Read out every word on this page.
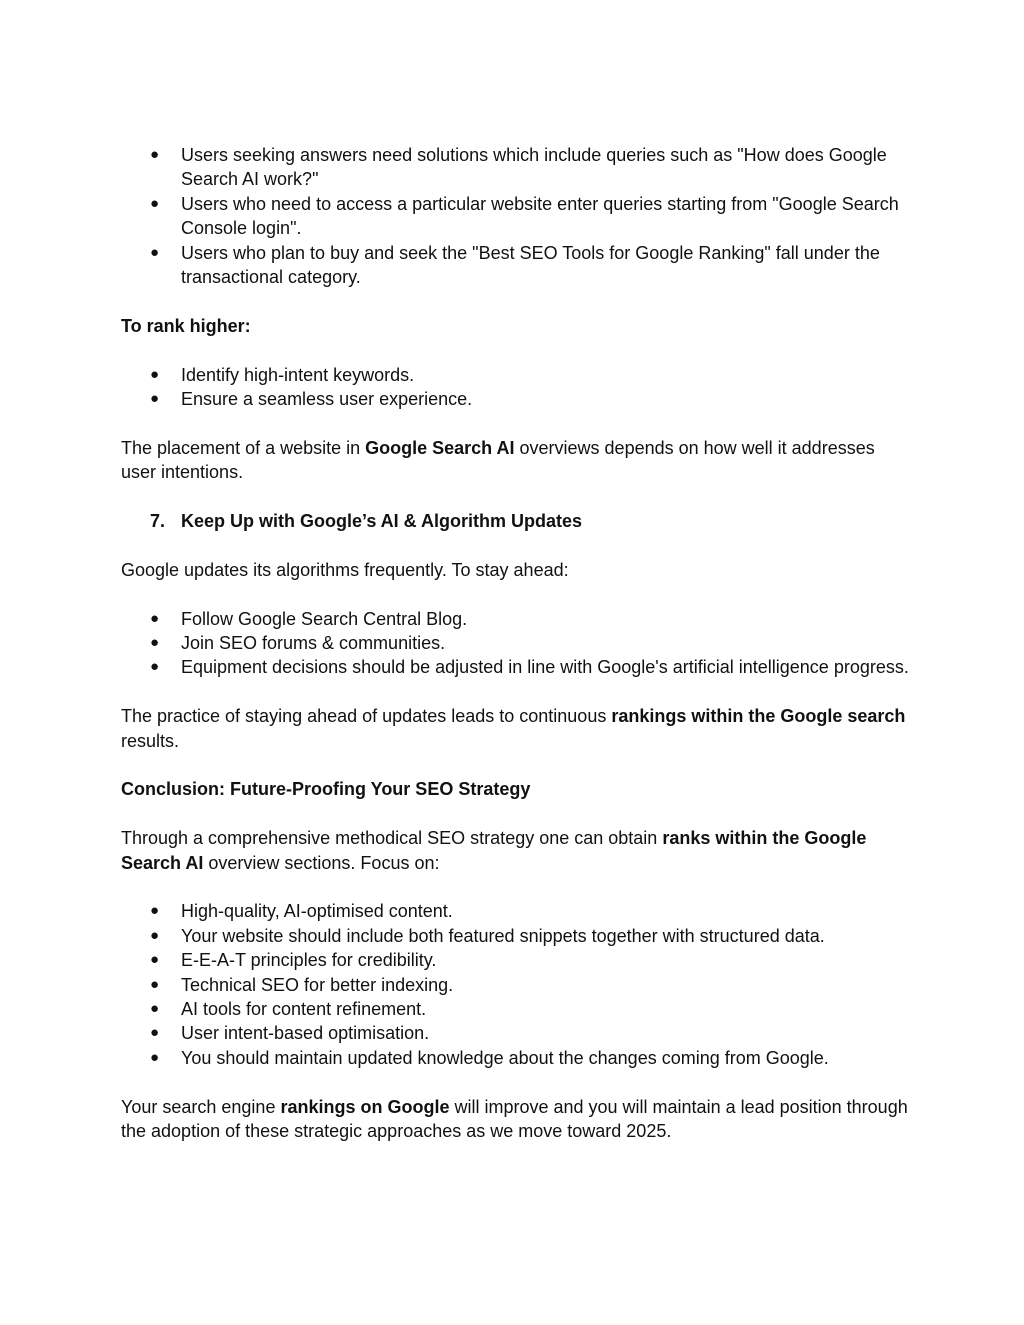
● Users seeking answers need solutions which include queries such as "How does Google Search AI work?"
● Users who need to access a particular website enter queries starting from "Google Search Console login".
● Users who plan to buy and seek the "Best SEO Tools for Google Ranking" fall under the transactional category.

To rank higher:

● Identify high-intent keywords.
● Ensure a seamless user experience.

The placement of a website in Google Search AI overviews depends on how well it addresses user intentions.

7. Keep Up with Google’s AI & Algorithm Updates

Google updates its algorithms frequently. To stay ahead:

● Follow Google Search Central Blog.
● Join SEO forums & communities.
● Equipment decisions should be adjusted in line with Google's artificial intelligence progress.

The practice of staying ahead of updates leads to continuous rankings within the Google search results.

Conclusion: Future-Proofing Your SEO Strategy

Through a comprehensive methodical SEO strategy one can obtain ranks within the Google Search AI overview sections. Focus on:

● High-quality, AI-optimised content.
● Your website should include both featured snippets together with structured data.
● E-E-A-T principles for credibility.
● Technical SEO for better indexing.
● AI tools for content refinement.
● User intent-based optimisation.
● You should maintain updated knowledge about the changes coming from Google.

Your search engine rankings on Google will improve and you will maintain a lead position through the adoption of these strategic approaches as we move toward 2025.
